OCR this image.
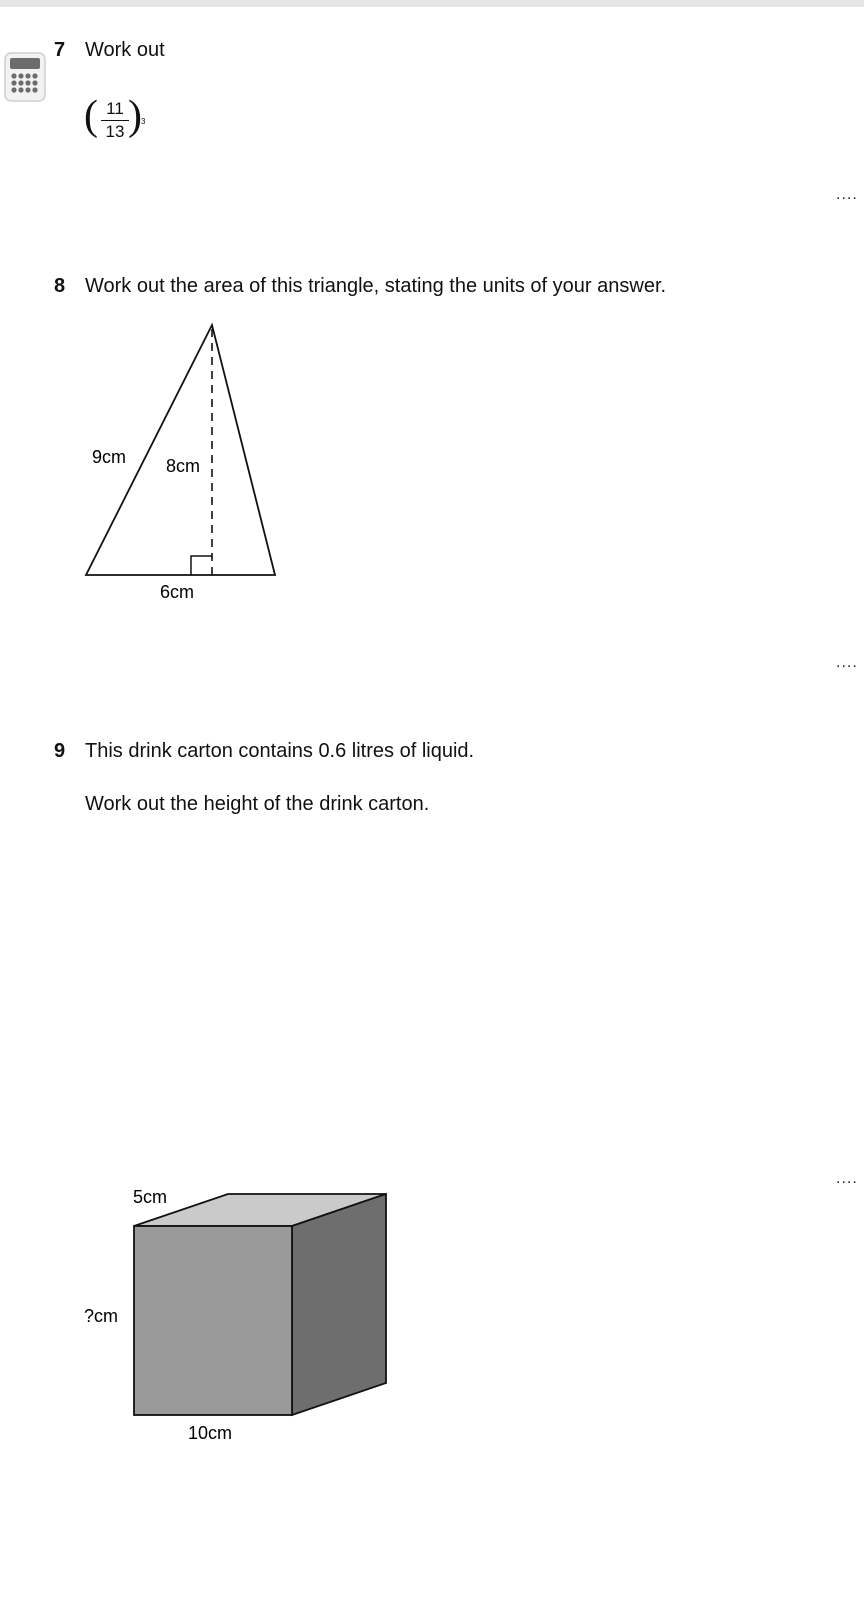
7 Work out
( 11
13 ) 3
....
8 Work out the area of this triangle, stating the units of your answer.
9cm 8cm
6cm
....
9 This drink carton contains 0.6 litres of liquid.
Work out the height of the drink carton.
....
5cm
?cm
10cm
